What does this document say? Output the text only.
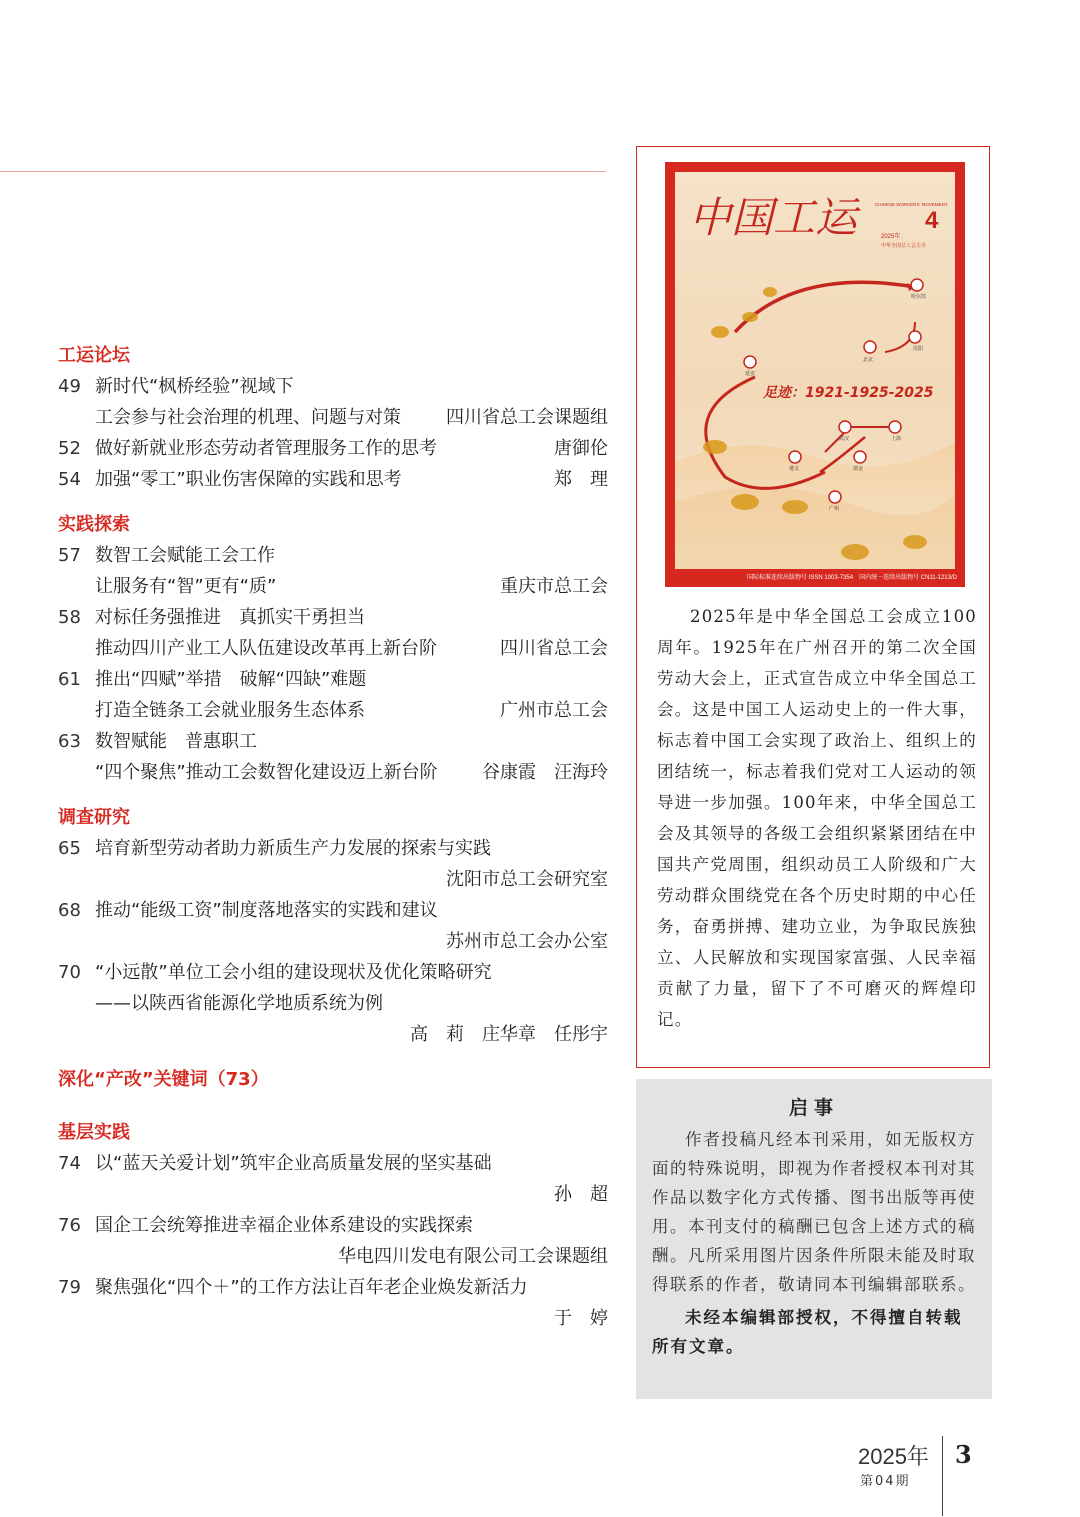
工运论坛
49 新时代“枫桥经验”视域下
工会参与社会治理的机理、问题与对策	四川省总工会课题组
52 做好新就业形态劳动者管理服务工作的思考	唐御伦
54 加强“零工”职业伤害保障的实践和思考	郑　理
实践探索
57 数智工会赋能工会工作
让服务有“智”更有“质”	重庆市总工会
58 对标任务强推进　真抓实干勇担当
推动四川产业工人队伍建设改革再上新台阶	四川省总工会
61 推出“四赋”举措　破解“四缺”难题
打造全链条工会就业服务生态体系	广州市总工会
63 数智赋能　普惠职工
“四个聚焦”推动工会数智化建设迈上新台阶	谷康霞　汪海玲
调查研究
65 培育新型劳动者助力新质生产力发展的探索与实践
沈阳市总工会研究室
68 推动“能级工资”制度落地落实的实践和建议
苏州市总工会办公室
70 “小远散”单位工会小组的建设现状及优化策略研究
——以陕西省能源化学地质系统为例
高　莉　庄华章　任彤宇
深化“产改”关键词（73）
基层实践
74 以“蓝天关爱计划”筑牢企业高质量发展的坚实基础
孙　超
76 国企工会统筹推进幸福企业体系建设的实践探索
华电四川发电有限公司工会课题组
79 聚焦强化“四个＋”的工作方法让百年老企业焕发新活力
于　婷
中国工运	CHINESE WORKERS' MOVEMENT
4
2025年
中华全国总工会主办
哈尔滨
沈阳
北京
延安
武汉	上海
遵义	瑞金
广州
足迹：1921-1925-2025
国际标准连续出版物号 ISSN 1003-7354　国内统一连续出版物号 CN11-1213/D
2025年是中华全国总工会成立100周年。1925年在广州召开的第二次全国劳动大会上，正式宣告成立中华全国总工会。这是中国工人运动史上的一件大事，标志着中国工会实现了政治上、组织上的团结统一，标志着我们党对工人运动的领导进一步加强。100年来，中华全国总工会及其领导的各级工会组织紧紧团结在中国共产党周围，组织动员工人阶级和广大劳动群众围绕党在各个历史时期的中心任务，奋勇拼搏、建功立业，为争取民族独立、人民解放和实现国家富强、人民幸福贡献了力量，留下了不可磨灭的辉煌印记。
启事
作者投稿凡经本刊采用，如无版权方面的特殊说明，即视为作者授权本刊对其作品以数字化方式传播、图书出版等再使用。本刊支付的稿酬已包含上述方式的稿酬。凡所采用图片因条件所限未能及时取得联系的作者，敬请同本刊编辑部联系。
未经本编辑部授权，不得擅自转载所有文章。
2025年
第04期
3
